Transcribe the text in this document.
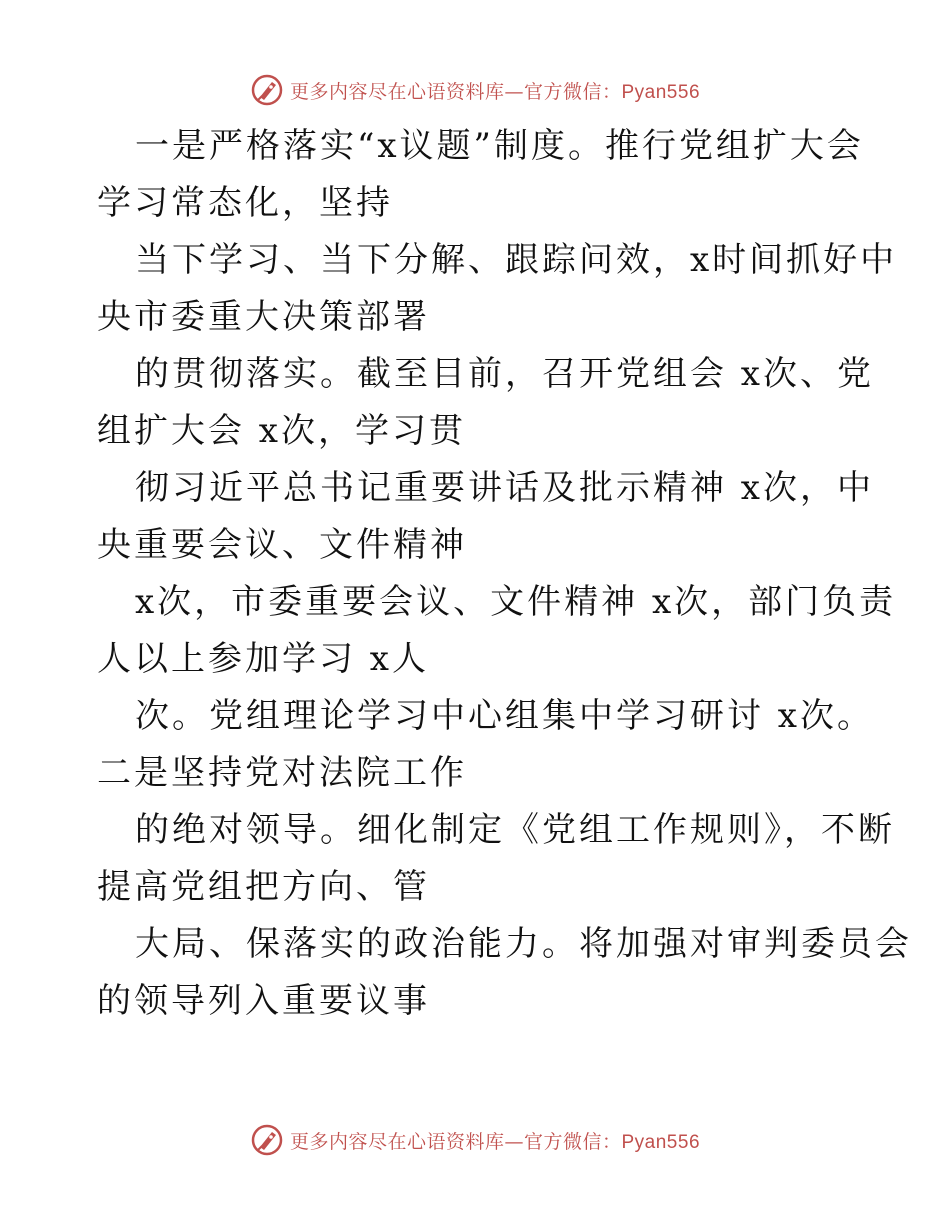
更多内容尽在心语资料库—官方微信：Pyan556
一是严格落实“x议题”制度。推行党组扩大会
学习常态化，坚持
当下学习、当下分解、跟踪问效，x时间抓好中
央市委重大决策部署
的贯彻落实。截至目前，召开党组会 x次、党
组扩大会 x次，学习贯
彻习近平总书记重要讲话及批示精神 x次，中
央重要会议、文件精神
x次，市委重要会议、文件精神 x次，部门负责
人以上参加学习 x人
次。党组理论学习中心组集中学习研讨 x次。
二是坚持党对法院工作
的绝对领导。细化制定《党组工作规则》，不断
提高党组把方向、管
大局、保落实的政治能力。将加强对审判委员会
的领导列入重要议事
更多内容尽在心语资料库—官方微信：Pyan556
